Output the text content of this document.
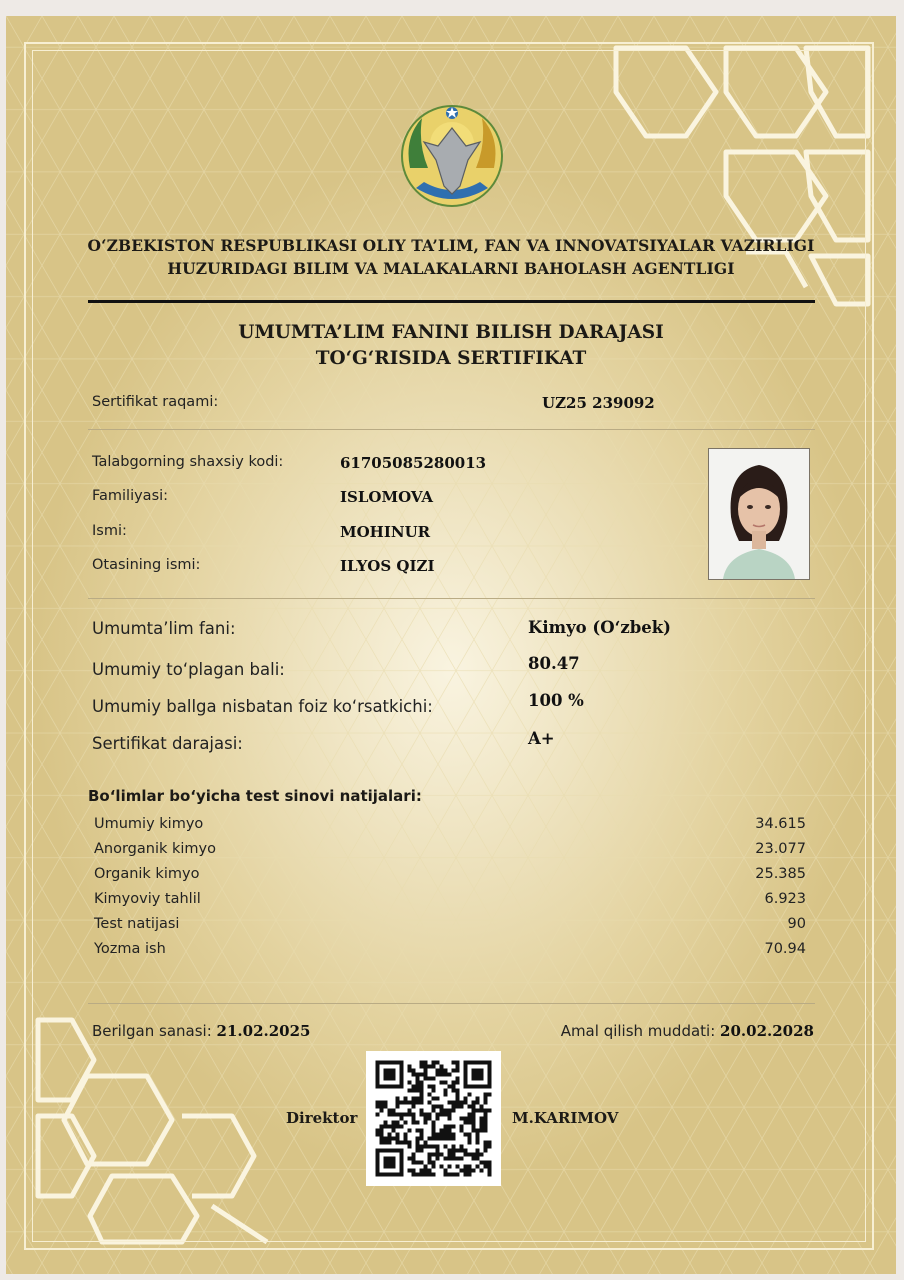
O‘ZBEKISTON RESPUBLIKASI OLIY TA’LIM, FAN VA INNOVATSIYALAR VAZIRLIGI
HUZURIDAGI BILIM VA MALAKALARNI BAHOLASH AGENTLIGI
UMUMTA’LIM FANINI BILISH DARAJASI
TO‘G‘RISIDA SERTIFIKAT
Sertifikat raqami:	UZ25 239092
Talabgorning shaxsiy kodi:	61705085280013
Familiyasi:	ISLOMOVA
Ismi:	MOHINUR
Otasining ismi:	ILYOS QIZI
Umumta’lim fani:	Kimyo (O‘zbek)
Umumiy to‘plagan bali:	80.47
Umumiy ballga nisbatan foiz ko‘rsatkichi:	100 %
Sertifikat darajasi:	A+
Bo‘limlar bo‘yicha test sinovi natijalari:
Umumiy kimyo	34.615
Anorganik kimyo	23.077
Organik kimyo	25.385
Kimyoviy tahlil	6.923
Test natijasi	90
Yozma ish	70.94
Berilgan sanasi: 21.02.2025	Amal qilish muddati: 20.02.2028
Direktor	M.KARIMOV
